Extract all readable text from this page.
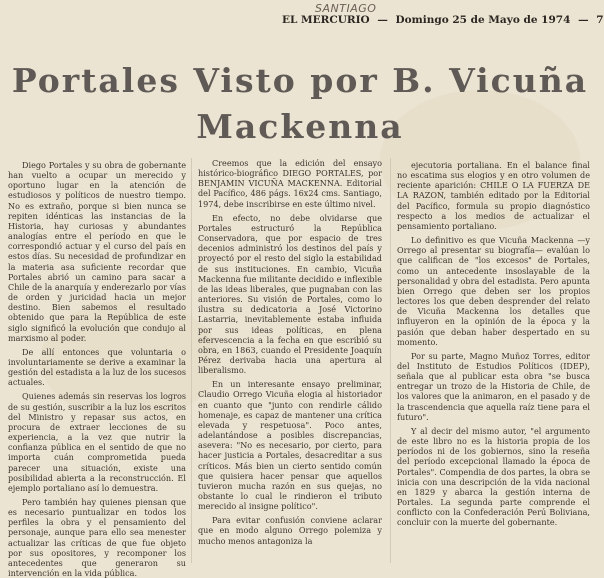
SANTIAGO
EL MERCURIO — Domingo 25 de Mayo de 1974 — 7
Portales Visto por B. Vicuña
Mackenna

Diego Portales y su obra de gobernante han vuelto a ocupar un merecido y oportuno lugar en la atención de estudiosos y políticos de nuestro tiempo. No es extraño, porque si bien nunca se repiten idénticas las instancias de la Historia, hay curiosas y abundantes analogías entre el período en que le correspondió actuar y el curso del país en estos días. Su necesidad de profundizar en la materia asa suficiente recordar que Portales abrió un camino para sacar a Chile de la anarquía y enderezarlo por vías de orden y juricidad hacia un mejor destino. Bien sabemos el resultado obtenido que para la República de este siglo significó la evolución que condujo al marxismo al poder.

De allí entonces que voluntaria o involuntariamente se derive a examinar la gestión del estadista a la luz de los sucesos actuales.

Quienes además sin reservas los logros de su gestión, suscribir a la luz los escritos del Ministro y repasar sus actos, en procura de extraer lecciones de su experiencia, a la vez que nutrir la confianza pública en el sentido de que no importa cuán comprometida pueda parecer una situación, existe una posibilidad abierta a la reconstrucción. El ejemplo portaliano así lo demuestra.

Pero también hay quienes piensan que es necesario puntualizar en todos los perfiles la obra y el pensamiento del personaje, aunque para ello sea menester actualizar las críticas de que fue objeto por sus opositores, y recomponer los antecedentes que generaron su intervención en la vida pública.

Creemos que la edición del ensayo histórico-biográfico DIEGO PORTALES, por BENJAMIN VICUÑA MACKENNA. Editorial del Pacífico, 486 págs. 16x24 cms. Santiago, 1974, debe inscribirse en este último nivel.

En efecto, no debe olvidarse que Portales estructuró la República Conservadora, que por espacio de tres decenios administró los destinos del país y proyectó por el resto del siglo la estabilidad de sus instituciones. En cambio, Vicuña Mackenna fue militante decidido e inflexible de las ideas liberales, que pugnaban con las anteriores. Su visión de Portales, como lo ilustra su dedicatoria a José Victorino Lastarria, inevitablemente estaba influida por sus ideas políticas, en plena efervescencia a la fecha en que escribió su obra, en 1863, cuando el Presidente Joaquín Pérez derivaba hacia una apertura al liberalismo.

En un interesante ensayo preliminar, Claudio Orrego Vicuña elogia al historiador en cuanto que "junto con rendirle cálido homenaje, es capaz de mantener una crítica elevada y respetuosa". Poco antes, adelantándose a posibles discrepancias, asevera: "No es necesario, por cierto, para hacer justicia a Portales, desacreditar a sus críticos. Más bien un cierto sentido común que quisiera hacer pensar que aquellos tuvieron mucha razón en sus quejas, no obstante lo cual le rindieron el tributo merecido al insigne político".

Para evitar confusión conviene aclarar que en modo alguno Orrego polemiza y mucho menos antagoniza la

ejecutoria portaliana. En el balance final no escatima sus elogios y en otro volumen de reciente aparición: CHILE O LA FUERZA DE LA RAZON, también editado por la Editorial del Pacífico, formula su propio diagnóstico respecto a los medios de actualizar el pensamiento portaliano.

Lo definitivo es que Vicuña Mackenna —y Orrego al presentar su biografía— evalúan lo que califican de "los excesos" de Portales, como un antecedente insoslayable de la personalidad y obra del estadista. Pero apunta bien Orrego que deben ser los propios lectores los que deben desprender del relato de Vicuña Mackenna los detalles que influyeron en la opinión de la época y la pasión que deban haber despertado en su momento.

Por su parte, Magno Muñoz Torres, editor del Instituto de Estudios Políticos (IDEP), señala que al publicar esta obra "se busca entregar un trozo de la Historia de Chile, de los valores que la animaron, en el pasado y de la trascendencia que aquella raíz tiene para el futuro".

Y al decir del mismo autor, "el argumento de este libro no es la historia propia de los períodos ni de los gobiernos, sino la reseña del período excepcional llamado la época de Portales". Compendia de dos partes, la obra se inicia con una descripción de la vida nacional en 1829 y abarca la gestión interna de Portales. La segunda parte comprende el conflicto con la Confederación Perú Boliviana, concluir con la muerte del gobernante.
